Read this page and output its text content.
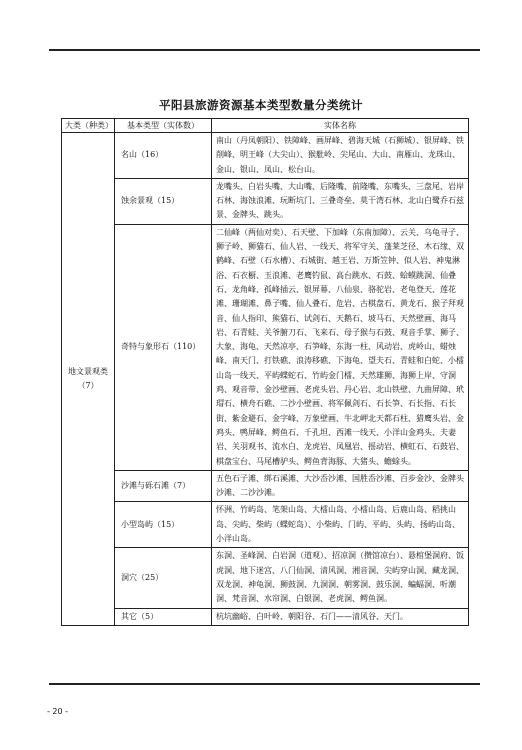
平阳县旅游资源基本类型数量分类统计
大类（种类）	基本类型（实体数）	实体名称
地文景观类（7）	名山（16）	南山（丹凤朝阳）、铁障峰、画屏峰、碧海天城（石狮城）、银屏峰、铁削峰、明王峰（大尖山）、猴舭岭、尖尾山、大山、南雁山、龙珠山、金山、银山、凤山、松台山。
	蚀余景观（15）	龙嘴头、白岩头嘴、大山嘴、后隆嘴、前隆嘴、东嘴头、三盘尾、岩岸石林、海蚀浪滩、玩断坑门、三叠奇垒、莫干湾石林、北山白鹭乔石兹景、金牌头、跳头。
	奇特与象形石（110）	二仙峰（两仙对奕）、石天壁、下加峰（东南加障）、云关、乌龟寻子、狮子岭、狮猫石、仙人岩、一线天、将军守关、蓬莱芝径、木石缘、双鹤峰、石壁（石水槽）、石城街、越王岩、万斯笠钟、似人岩、神鬼淋浴、石衣橱、玉浪滩、老鹰钓鼠、高台跳水、石鼓、蛤蟆跳洞、仙叠石、龙角峰、孤峰插云、银屏幕、八仙泉、骆驼岩、老龟登天、莲花滩、珊瑚滩、鼻子嘴、仙人叠石、危岩、古棋盘石、黄龙石、猴子拜观音、仙人指印、熊猫石、试剑石、天鹅石、坡马石、天然壁画、海马岩、石青蛙、关爷腑刀石、飞来石、母子猴与石鼓、观音手掌、狮子、大象、海龟、天然凉亭、石笋峰、东海一柱、风动岩、虎岭山、蜡烛峰、南天门、打铁礁、浪涛移礁、下海龟、望夫石、青蛙和白蛇、小檑山岛一线天、平屿蝶蛇石、竹屿金门檑、天然雄狮、海狮上岸、守洞鸡、观音带、金沙壁画、老虎头岩、丹心岩、北山铁壁、九曲屏障、玳瑁石、横舟石礁、二沙小壁画、将军佩剑石、石长笋、石长指、石长街、紫金避石、金字峰、万象壁画、牛北岬北天都石柱、猎鹰头岩、金鸡头、鸭屏峰、鳄鱼石、千孔坦、西滩一线天、小洋山金鸡头、夫妻岩、关羽观书、流水白、龙虎岩、凤凰岩、摇动岩、横虹石、石鼓岩、棋盘宝台、马尾槽驴头、鳄鱼背海豚、大猪头、蟾蜍头。
	沙滩与砾石滩（7）	五色石子滩、绑石溪滩、大沙岙沙滩、国胜岙沙滩、百步金沙、金牌头沙滩、二沙沙滩。
	小型岛屿（15）	怀洲、竹屿岛、笔架山岛、大檑山岛、小檑山岛、后鹿山岛、稻挑山岛、尖屿、柴屿（蝶蛇岛）、小柴屿、门屿、平屿、头屿、扬屿山岛、小洋山岛。
	洞穴（25）	东洞、圣峰洞、白岩洞（道观）、招凉洞（攒馆凉台）、悬棺堡洞府、饭虎洞、地下迷宫、八门仙洞、清风洞、湘音洞、尖屿穿山洞、藏龙洞、双龙洞、神龟洞、狮鼓洞、九洞洞、朝雾洞、鼓乐洞、蝙蝠洞、听潮洞、梵音洞、水帘洞、白银洞、老虎洞、鳄鱼洞。
	其它（5）	杭坑幽峪、白叶岭、朝阳谷、石门——清风谷、天门。
- 20 -
